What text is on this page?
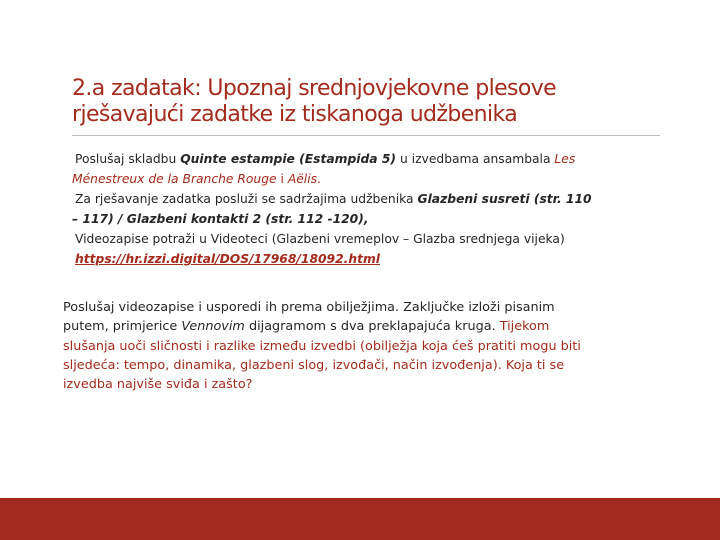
2.a zadatak: Upoznaj srednjovjekovne plesove
rješavajući zadatke iz tiskanoga udžbenika
Poslušaj skladbu Quinte estampie (Estampida 5) u izvedbama ansambala Les
Ménestreux de la Branche Rouge i Aëlis.
Za rješavanje zadatka posluži se sadržajima udžbenika Glazbeni susreti (str. 110
– 117) / Glazbeni kontakti 2 (str. 112 -120),
Videozapise potraži u Videoteci (Glazbeni vremeplov – Glazba srednjega vijeka)
https://hr.izzi.digital/DOS/17968/18092.html
Poslušaj videozapise i usporedi ih prema obilježjima. Zaključke izloži pisanim
putem, primjerice Vennovim dijagramom s dva preklapajuća kruga. Tijekom
slušanja uoči sličnosti i razlike između izvedbi (obilježja koja ćeš pratiti mogu biti
sljedeća: tempo, dinamika, glazbeni slog, izvođači, način izvođenja). Koja ti se
izvedba najviše sviđa i zašto?
